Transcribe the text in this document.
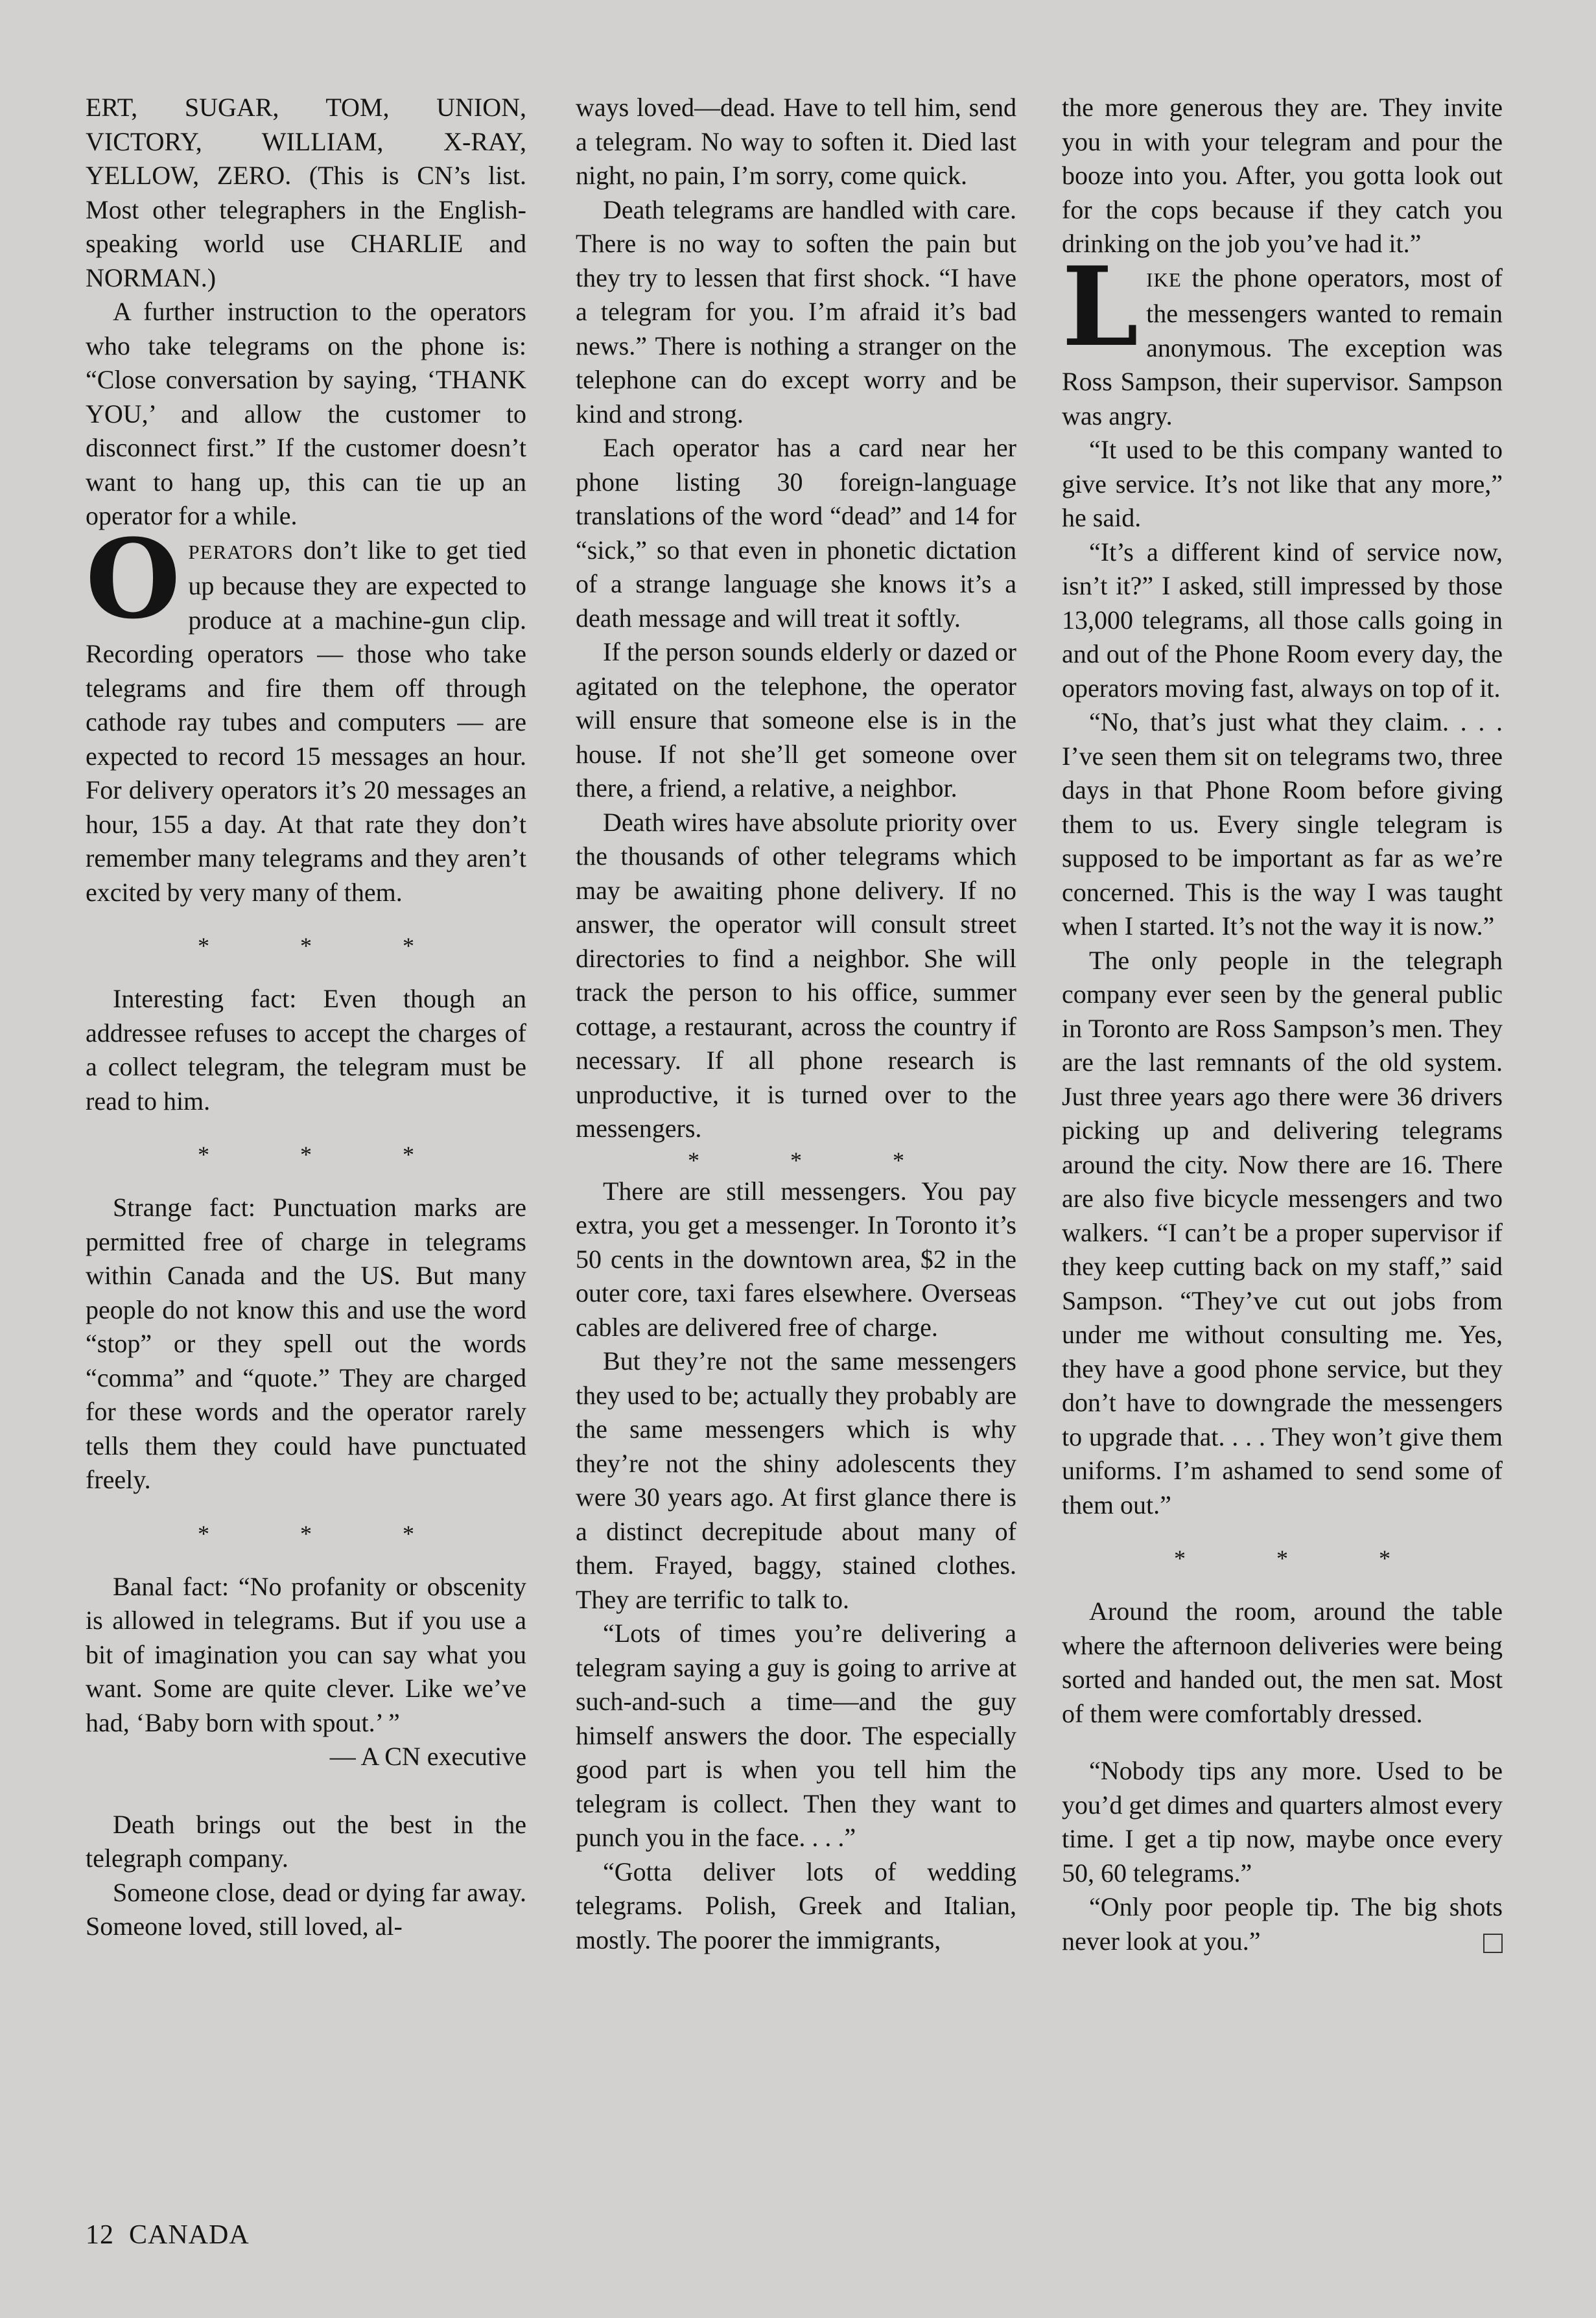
ERT, SUGAR, TOM, UNION, VICTORY, WILLIAM, X-RAY, YELLOW, ZERO. (This is CN’s list. Most other telegraphers in the English-speaking world use CHARLIE and NORMAN.)

A further instruction to the operators who take telegrams on the phone is: “Close conversation by saying, ‘THANK YOU,’ and allow the customer to disconnect first.” If the customer doesn’t want to hang up, this can tie up an operator for a while.

OPERATORS don’t like to get tied up because they are expected to produce at a machine-gun clip. Recording operators — those who take telegrams and fire them off through cathode ray tubes and computers — are expected to record 15 messages an hour. For delivery operators it’s 20 messages an hour, 155 a day. At that rate they don’t remember many telegrams and they aren’t excited by very many of them.

*	*	*

Interesting fact: Even though an addressee refuses to accept the charges of a collect telegram, the telegram must be read to him.

*	*	*

Strange fact: Punctuation marks are permitted free of charge in telegrams within Canada and the US. But many people do not know this and use the word “stop” or they spell out the words “comma” and “quote.” They are charged for these words and the operator rarely tells them they could have punctuated freely.

*	*	*

Banal fact: “No profanity or obscenity is allowed in telegrams. But if you use a bit of imagination you can say what you want. Some are quite clever. Like we’ve had, ‘Baby born with spout.’ ”

— A CN executive

Death brings out the best in the telegraph company.

Someone close, dead or dying far away. Someone loved, still loved, al-

ways loved—dead. Have to tell him, send a telegram. No way to soften it. Died last night, no pain, I’m sorry, come quick.

Death telegrams are handled with care. There is no way to soften the pain but they try to lessen that first shock. “I have a telegram for you. I’m afraid it’s bad news.” There is nothing a stranger on the telephone can do except worry and be kind and strong.

Each operator has a card near her phone listing 30 foreign-language translations of the word “dead” and 14 for “sick,” so that even in phonetic dictation of a strange language she knows it’s a death message and will treat it softly.

If the person sounds elderly or dazed or agitated on the telephone, the operator will ensure that someone else is in the house. If not she’ll get someone over there, a friend, a relative, a neighbor.

Death wires have absolute priority over the thousands of other telegrams which may be awaiting phone delivery. If no answer, the operator will consult street directories to find a neighbor. She will track the person to his office, summer cottage, a restaurant, across the country if necessary. If all phone research is unproductive, it is turned over to the messengers.

*	*	*

There are still messengers. You pay extra, you get a messenger. In Toronto it’s 50 cents in the downtown area, $2 in the outer core, taxi fares elsewhere. Overseas cables are delivered free of charge.

But they’re not the same messengers they used to be; actually they probably are the same messengers which is why they’re not the shiny adolescents they were 30 years ago. At first glance there is a distinct decrepitude about many of them. Frayed, baggy, stained clothes. They are terrific to talk to.

“Lots of times you’re delivering a telegram saying a guy is going to arrive at such-and-such a time—and the guy himself answers the door. The especially good part is when you tell him the telegram is collect. Then they want to punch you in the face. . . .”

“Gotta deliver lots of wedding telegrams. Polish, Greek and Italian, mostly. The poorer the immigrants,

the more generous they are. They invite you in with your telegram and pour the booze into you. After, you gotta look out for the cops because if they catch you drinking on the job you’ve had it.”

LIKE the phone operators, most of the messengers wanted to remain anonymous. The exception was Ross Sampson, their supervisor. Sampson was angry.

“It used to be this company wanted to give service. It’s not like that any more,” he said.

“It’s a different kind of service now, isn’t it?” I asked, still impressed by those 13,000 telegrams, all those calls going in and out of the Phone Room every day, the operators moving fast, always on top of it.

“No, that’s just what they claim. . . . I’ve seen them sit on telegrams two, three days in that Phone Room before giving them to us. Every single telegram is supposed to be important as far as we’re concerned. This is the way I was taught when I started. It’s not the way it is now.”

The only people in the telegraph company ever seen by the general public in Toronto are Ross Sampson’s men. They are the last remnants of the old system. Just three years ago there were 36 drivers picking up and delivering telegrams around the city. Now there are 16. There are also five bicycle messengers and two walkers. “I can’t be a proper supervisor if they keep cutting back on my staff,” said Sampson. “They’ve cut out jobs from under me without consulting me. Yes, they have a good phone service, but they don’t have to downgrade the messengers to upgrade that. . . . They won’t give them uniforms. I’m ashamed to send some of them out.”

*	*	*

Around the room, around the table where the afternoon deliveries were being sorted and handed out, the men sat. Most of them were comfortably dressed.

“Nobody tips any more. Used to be you’d get dimes and quarters almost every time. I get a tip now, maybe once every 50, 60 telegrams.”

“Only poor people tip. The big shots never look at you.”

12 CANADA
